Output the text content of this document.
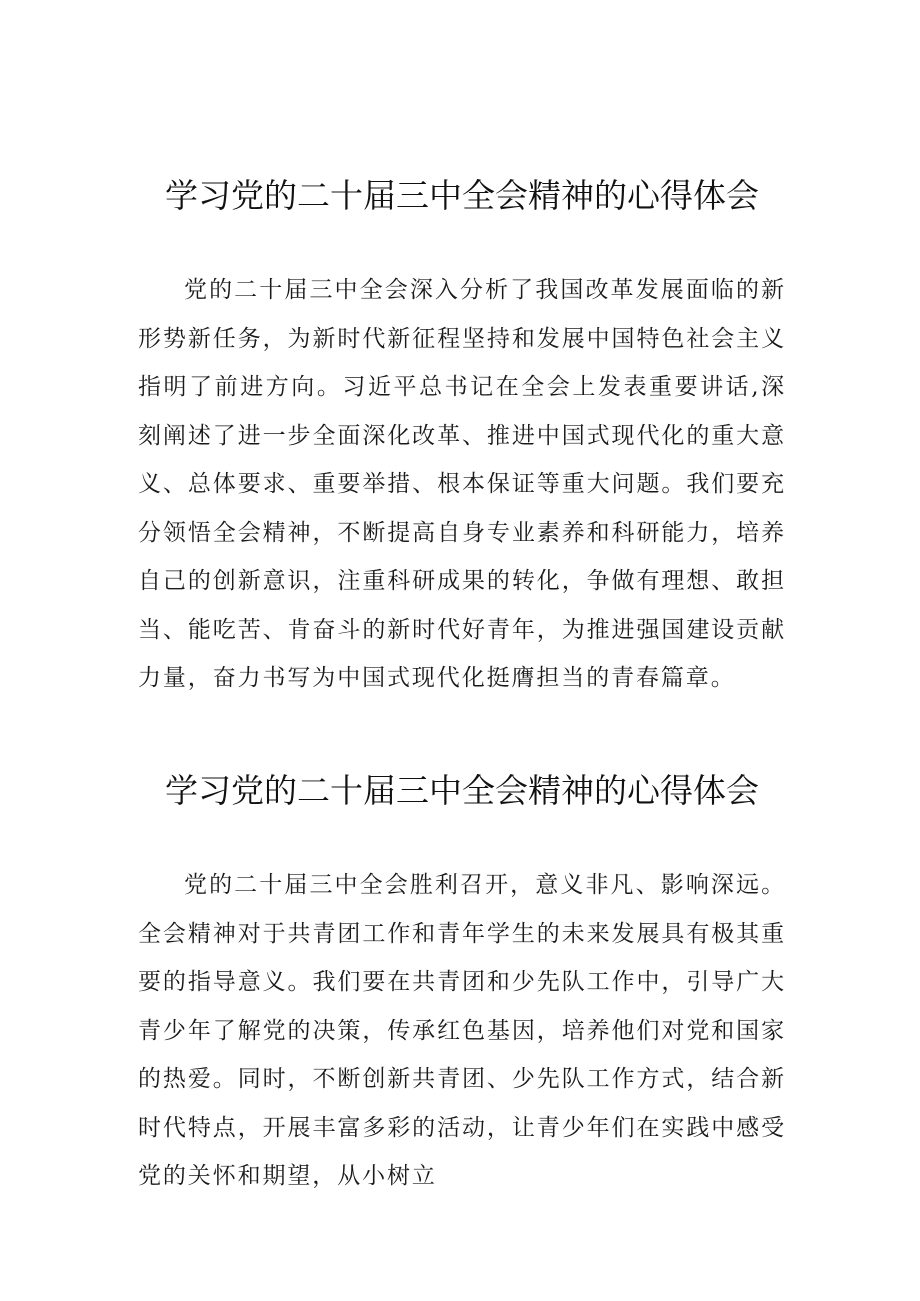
学习党的二十届三中全会精神的心得体会

党的二十届三中全会深入分析了我国改革发展面临的新形势新任务，为新时代新征程坚持和发展中国特色社会主义指明了前进方向。习近平总书记在全会上发表重要讲话,深刻阐述了进一步全面深化改革、推进中国式现代化的重大意义、总体要求、重要举措、根本保证等重大问题。我们要充分领悟全会精神，不断提高自身专业素养和科研能力，培养自己的创新意识，注重科研成果的转化，争做有理想、敢担当、能吃苦、肯奋斗的新时代好青年，为推进强国建设贡献力量，奋力书写为中国式现代化挺膺担当的青春篇章。

学习党的二十届三中全会精神的心得体会

党的二十届三中全会胜利召开，意义非凡、影响深远。全会精神对于共青团工作和青年学生的未来发展具有极其重要的指导意义。我们要在共青团和少先队工作中，引导广大青少年了解党的决策，传承红色基因，培养他们对党和国家的热爱。同时，不断创新共青团、少先队工作方式，结合新时代特点，开展丰富多彩的活动，让青少年们在实践中感受党的关怀和期望，从小树立
